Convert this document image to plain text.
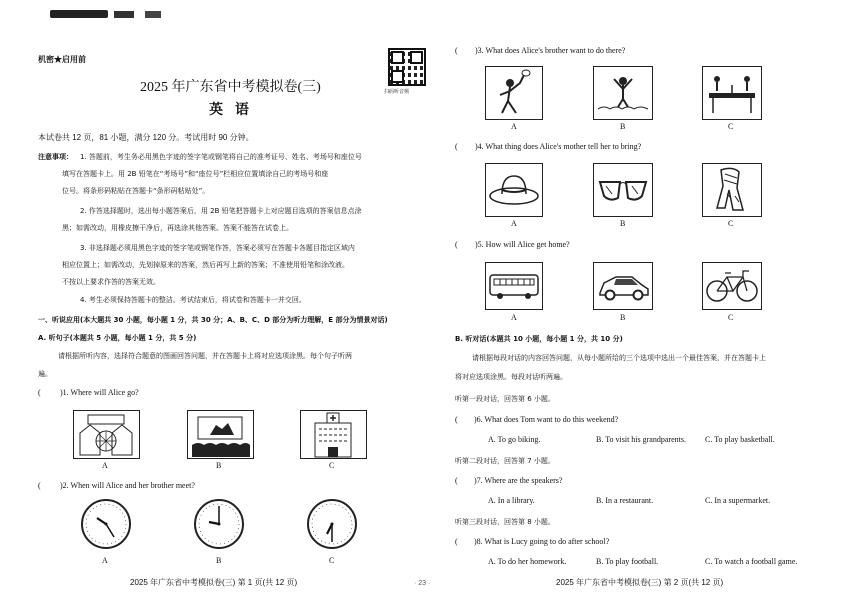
机密★启用前
扫码听音频
2025 年广东省中考模拟卷(三)
英 语
本试卷共 12 页，81 小题，满分 120 分。考试用时 90 分钟。
注意事项： 1. 答题前，考生务必用黑色字迹的签字笔或钢笔将自己的准考证号、姓名、考场号和座位号
填写在答题卡上。用 2B 铅笔在“考场号”和“座位号”栏相应位置填涂自己的考场号和座
位号。将条形码粘贴在答题卡“条形码粘贴处”。
2. 作答选择题时，选出每小题答案后，用 2B 铅笔把答题卡上对应题目选项的答案信息点涂
黑；如需改动，用橡皮擦干净后，再选涂其他答案。答案不能答在试卷上。
3. 非选择题必须用黑色字迹的签字笔或钢笔作答，答案必须写在答题卡各题目指定区域内
相应位置上；如需改动，先划掉原来的答案，然后再写上新的答案；不准使用铅笔和涂改液。
不按以上要求作答的答案无效。
4. 考生必须保持答题卡的整洁。考试结束后，将试卷和答题卡一并交回。
一、听说应用(本大题共 30 小题，每小题 1 分，共 30 分；A、B、C、D 部分为听力理解，E 部分为情景对话)
A. 听句子(本题共 5 小题，每小题 1 分，共 5 分)
请根据所听内容，选择符合题意的图画回答问题，并在答题卡上将对应选项涂黑。每个句子听两
遍。
( )1. Where will Alice go?
A	B	C
( )2. When will Alice and her brother meet?
A	B	C
2025 年广东省中考模拟卷(三) 第 1 页(共 12 页)	· 23 ·
( )3. What does Alice's brother want to do there?
A	B	C
( )4. What thing does Alice's mother tell her to bring?
A	B	C
( )5. How will Alice get home?
A	B	C
B. 听对话(本题共 10 小题，每小题 1 分，共 10 分)
请根据每段对话的内容回答问题，从每小题所给的三个选项中选出一个最佳答案，并在答题卡上
将对应选项涂黑。每段对话听两遍。
听第一段对话，回答第 6 小题。
( )6. What does Tom want to do this weekend?
A. To go biking.	B. To visit his grandparents. C. To play basketball.
听第二段对话，回答第 7 小题。
( )7. Where are the speakers?
A. In a library.	B. In a restaurant.	C. In a supermarket.
听第三段对话，回答第 8 小题。
( )8. What is Lucy going to do after school?
A. To do her homework.	B. To play football.	C. To watch a football game.
2025 年广东省中考模拟卷(三) 第 2 页(共 12 页)
